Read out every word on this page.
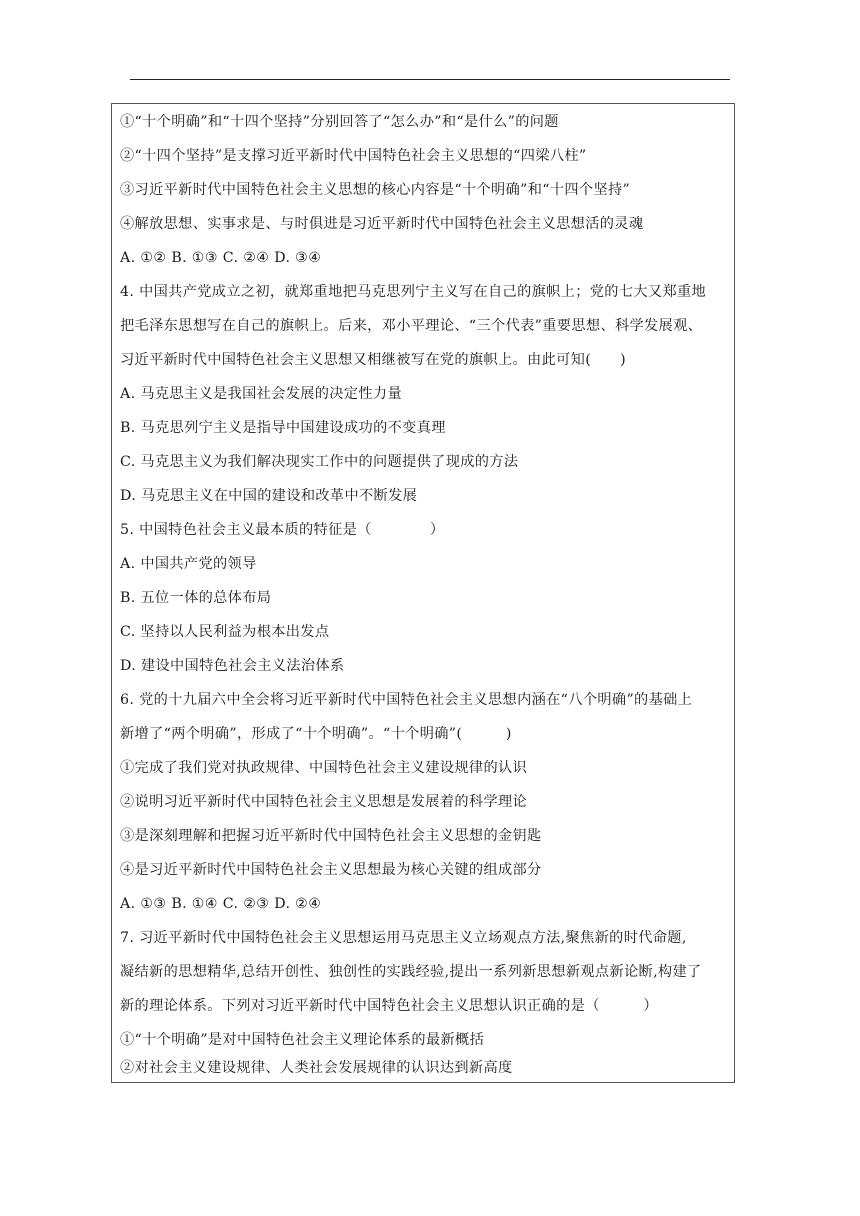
①“十个明确”和“十四个坚持”分别回答了“怎么办”和“是什么”的问题
②“十四个坚持”是支撑习近平新时代中国特色社会主义思想的“四梁八柱”
③习近平新时代中国特色社会主义思想的核心内容是“十个明确”和“十四个坚持”
④解放思想、实事求是、与时俱进是习近平新时代中国特色社会主义思想活的灵魂
A. ①② B. ①③ C. ②④ D. ③④
4. 中国共产党成立之初，就郑重地把马克思列宁主义写在自己的旗帜上；党的七大又郑重地
把毛泽东思想写在自己的旗帜上。后来，邓小平理论、“三个代表”重要思想、科学发展观、
习近平新时代中国特色社会主义思想又相继被写在党的旗帜上。由此可知(　　)
A. 马克思主义是我国社会发展的决定性力量
B. 马克思列宁主义是指导中国建设成功的不变真理
C. 马克思主义为我们解决现实工作中的问题提供了现成的方法
D. 马克思主义在中国的建设和改革中不断发展
5. 中国特色社会主义最本质的特征是（　　　　）
A. 中国共产党的领导
B. 五位一体的总体布局
C. 坚持以人民利益为根本出发点
D. 建设中国特色社会主义法治体系
6. 党的十九届六中全会将习近平新时代中国特色社会主义思想内涵在“八个明确”的基础上
新增了“两个明确”，形成了“十个明确”。“十个明确”(　　　)
①完成了我们党对执政规律、中国特色社会主义建设规律的认识
②说明习近平新时代中国特色社会主义思想是发展着的科学理论
③是深刻理解和把握习近平新时代中国特色社会主义思想的金钥匙
④是习近平新时代中国特色社会主义思想最为核心关键的组成部分
A. ①③ B. ①④ C. ②③ D. ②④
7. 习近平新时代中国特色社会主义思想运用马克思主义立场观点方法,聚焦新的时代命题,
凝结新的思想精华,总结开创性、独创性的实践经验,提出一系列新思想新观点新论断,构建了
新的理论体系。下列对习近平新时代中国特色社会主义思想认识正确的是（　　　）
①“十个明确”是对中国特色社会主义理论体系的最新概括
②对社会主义建设规律、人类社会发展规律的认识达到新高度
